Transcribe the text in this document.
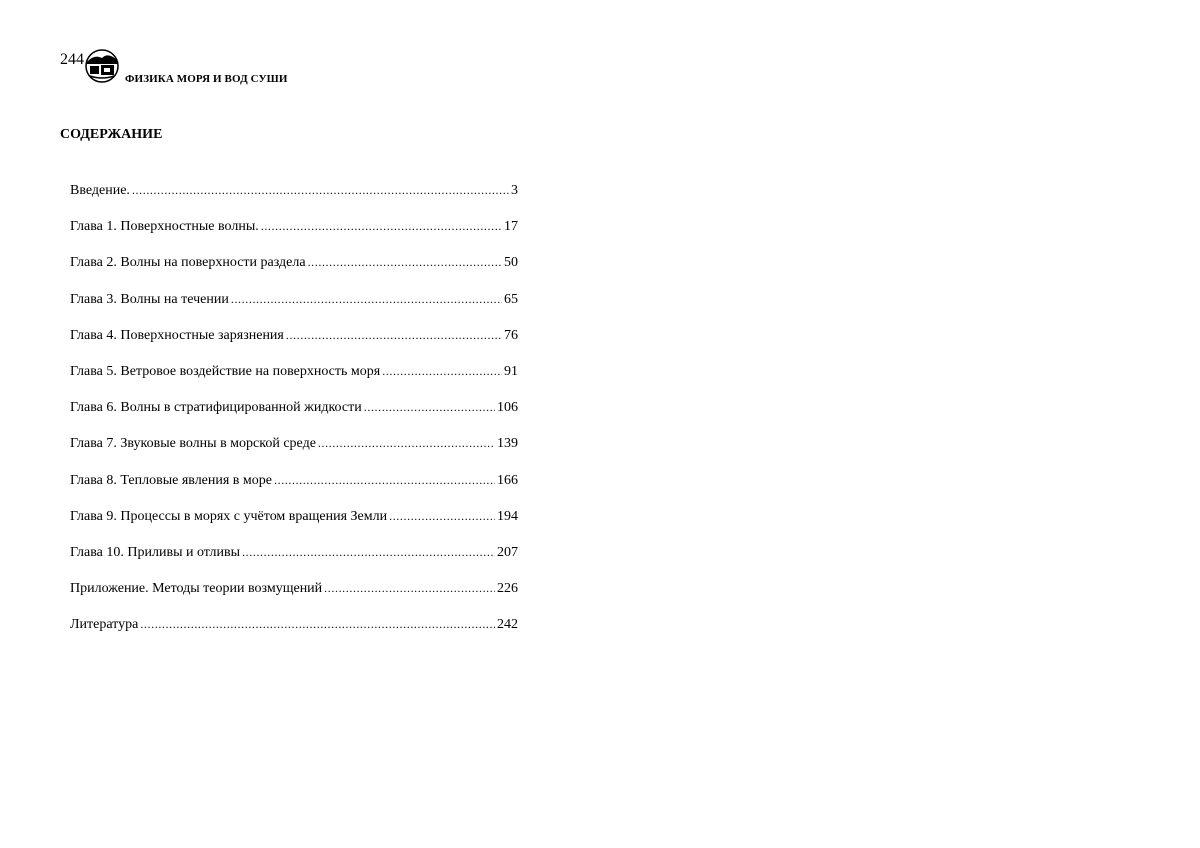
244
ФИЗИКА МОРЯ И ВОД СУШИ
СОДЕРЖАНИЕ
Введение. .....	3
Глава 1. Поверхностные волны. .....	17
Глава 2. Волны на поверхности раздела .....	50
Глава 3. Волны на течении .....	65
Глава 4. Поверхностные зарязнения .....	76
Глава 5. Ветровое воздействие на поверхность моря .....	91
Глава 6. Волны в стратифицированной жидкости .....	106
Глава 7. Звуковые волны в морской среде .....	139
Глава 8. Тепловые явления в море .....	166
Глава 9. Процессы в морях с учётом вращения Земли .....	194
Глава 10. Приливы и отливы .....	207
Приложение. Методы теории возмущений .....	226
Литература .....	242
